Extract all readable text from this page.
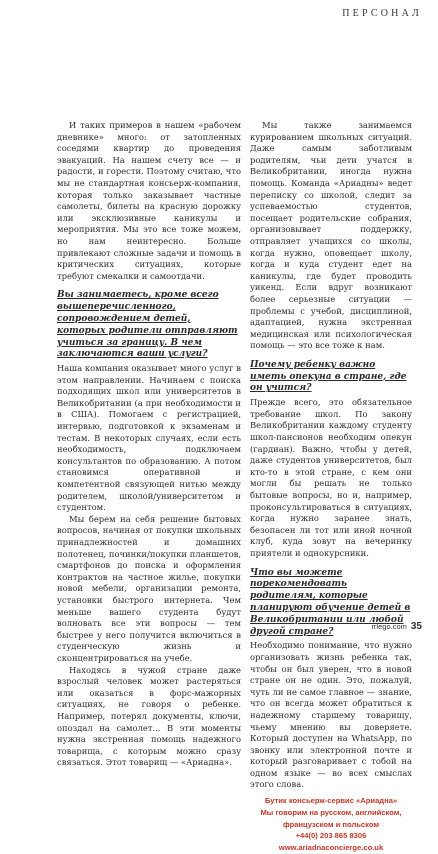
ПЕРСОНАЛ

И таких примеров в нашем «рабочем дневнике» много: от затопленных соседями квартир до проведения эвакуаций. На нашем счету все — и радости, и горести. Поэтому считаю, что мы не стандартная консьерж-компания, которая только заказывает частные самолеты, билеты на красную дорожку или эксклюзивные каникулы и мероприятия. Мы это все тоже можем, но нам неинтересно. Больше привлекают сложные задачи и помощь в критических ситуациях, которые требуют смекалки и самоотдачи.

Вы занимаетесь, кроме всего вышеперечисленного, сопровождением детей, которых родители отправляют учиться за границу. В чем заключаются ваши услуги?

Наша компания оказывает много услуг в этом направлении. Начинаем с поиска подходящих школ или университетов в Великобритании (а при необходимости и в США). Помогаем с регистрацией, интервью, подготовкой к экзаменам и тестам. В некоторых случаях, если есть необходимость, подключаем консультантов по образованию. А потом становимся оперативной и компетентной связующей нитью между родителем, школой/университетом и студентом.

Мы берем на себя решение бытовых вопросов, начиная от покупки школьных принадлежностей и домашних полотенец, починки/покупки планшетов, смартфонов до поиска и оформления контрактов на частное жилье, покупки новой мебели, организации ремонта, установки быстрого интернета. Чем меньше вашего студента будут волновать все эти вопросы — тем быстрее у него получится включиться в студенческую жизнь и сконцентрироваться на учебе.

Находясь в чужой стране даже взрослый человек может растеряться или оказаться в форс-мажорных ситуациях, не говоря о ребенке. Например, потерял документы, ключи, опоздал на самолет... В эти моменты нужна экстренная помощь надежного товарища, с которым можно сразу связаться. Этот товарищ — «Ариадна».

Мы также занимаемся курированием школьных ситуаций. Даже самым заботливым родителям, чьи дети учатся в Великобритании, иногда нужна помощь. Команда «Ариадны» ведет переписку со школой, следит за успеваемостью студентов, посещает родительские собрания, организовывает поддержку, отправляет учащихся со школы, когда нужно, оповещает школу, когда и куда студент едет на каникулы, где будет проводить уикенд. Если вдруг возникают более серьезные ситуации — проблемы с учебой, дисциплиной, адаптацией, нужна экстренная медицинская или психологическая помощь — это все тоже к нам.

Почему ребенку важно иметь опекуна в стране, где он учится?

Прежде всего, это обязательное требование школ. По закону Великобритании каждому студенту школ-пансионов необходим опекун (гардиан). Важно, чтобы у детей, даже студентов университетов, был кто-то в этой стране, с кем они могли бы решать не только бытовые вопросы, но и, например, проконсультироваться в ситуациях, когда нужно заранее знать, безопасен ли тот или иной ночной клуб, куда зовут на вечеринку приятели и однокурсники.

Что вы можете порекомендовать родителям, которые планируют обучение детей в Великобритании или любой другой стране?

Необходимо понимание, что нужно организовать жизнь ребенка так, чтобы он был уверен, что в новой стране он не один. Это, пожалуй, чуть ли не самое главное — знание, что он всегда может обратиться к надежному старшему товарищу, чьему мнению вы доверяете. Который доступен на WhatsApp, по звонку или электронной почте и который разговаривает с тобой на одном языке — во всех смыслах этого слова.

Бутик консьерж-сервис «Ариадна»
Мы говорим на русском, английском,
французском и польском
+44(0) 203 865 8306
www.ariadnaconcierge.co.uk
rrlego.com 35
